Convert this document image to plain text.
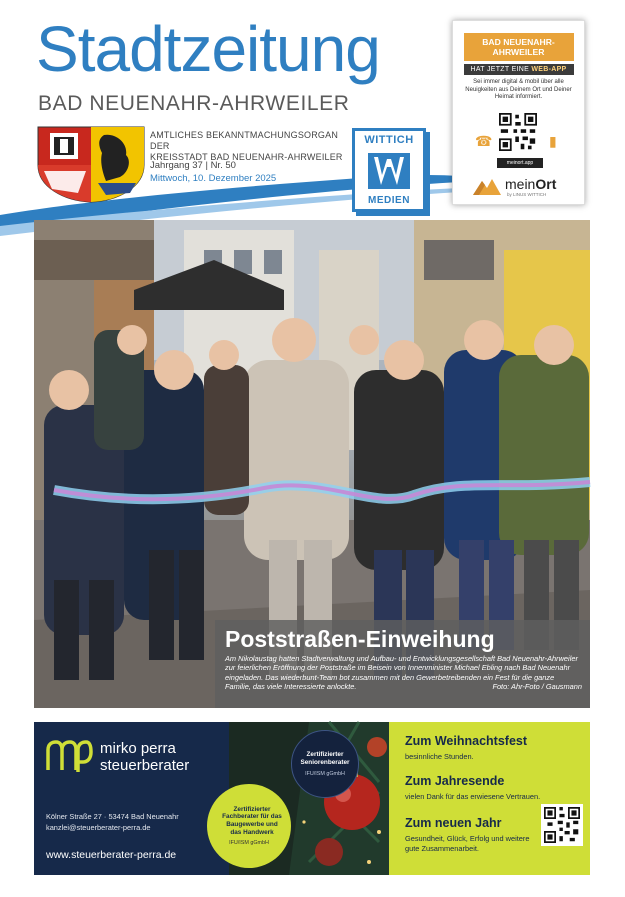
Stadtzeitung
BAD NEUENAHR-AHRWEILER
AMTLICHES BEKANNTMACHUNGSORGAN DER
KREISSTADT BAD NEUENAHR-AHRWEILER
Jahrgang 37 | Nr. 50
Mittwoch, 10. Dezember 2025
WITTICH
MEDIEN
BAD NEUENAHR-
AHRWEILER
HAT JETZT EINE WEB-APP
Sei immer digital & mobil über alle Neuigkeiten aus Deinem Ort und Deiner Heimat informiert.
☎	▮
meinort.app
meinOrt
by LINUS WITTICH
Poststraßen-Einweihung
Am Nikolaustag hatten Stadtverwaltung und Aufbau- und Entwicklungsgesellschaft Bad Neuenahr-Ahrweiler zur feierlichen Eröffnung der Poststraße im Beisein von Innenminister Michael Ebling nach Bad Neuenahr eingeladen. Das wiederbunt-Team bot zusammen mit den Gewerbetreibenden ein Fest für die ganze Familie, das viele Interessierte anlockte.	Foto: Ahr-Foto / Gausmann
mirko perra
steuerberater
Kölner Straße 27 · 53474 Bad Neuenahr
kanzlei@steuerberater-perra.de
www.steuerberater-perra.de
Zertifizierter Seniorenberater
IFU/ISM gGmbH
Zertifizierter Fachberater für das Baugewerbe und das Handwerk
IFU/ISM gGmbH
Zum Weihnachtsfest
besinnliche Stunden.
Zum Jahresende
vielen Dank für das erwiesene Vertrauen.
Zum neuen Jahr
Gesundheit, Glück, Erfolg und weitere gute Zusammenarbeit.
